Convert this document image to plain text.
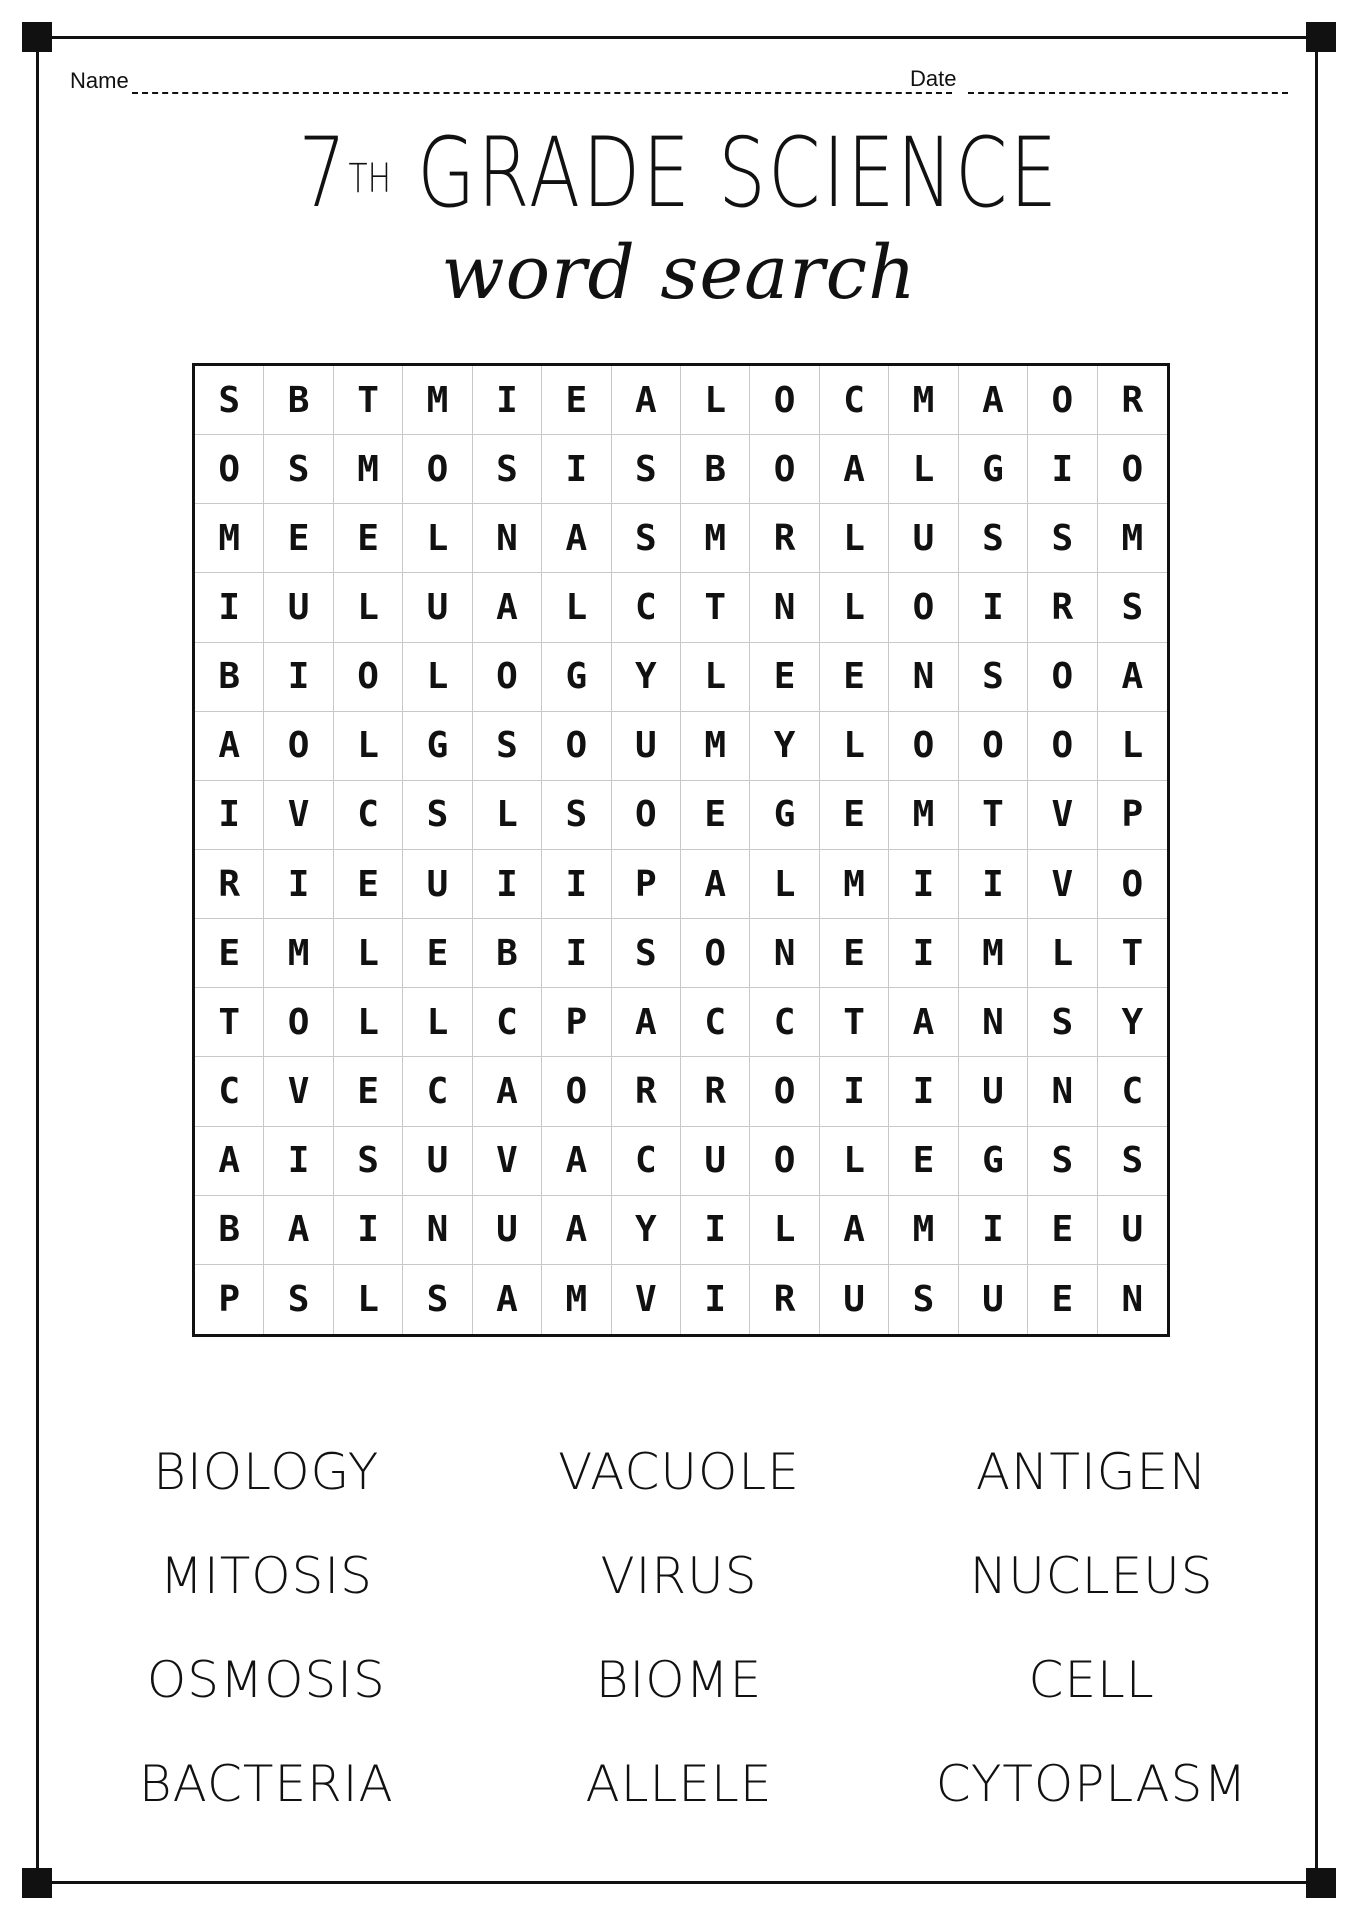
Name	Date
7TH GRADE SCIENCE
word search
S	B	T	M	I	E	A	L	O	C	M	A	O	R
O	S	M	O	S	I	S	B	O	A	L	G	I	O
M	E	E	L	N	A	S	M	R	L	U	S	S	M
I	U	L	U	A	L	C	T	N	L	O	I	R	S
B	I	O	L	O	G	Y	L	E	E	N	S	O	A
A	O	L	G	S	O	U	M	Y	L	O	O	O	L
I	V	C	S	L	S	O	E	G	E	M	T	V	P
R	I	E	U	I	I	P	A	L	M	I	I	V	O
E	M	L	E	B	I	S	O	N	E	I	M	L	T
T	O	L	L	C	P	A	C	C	T	A	N	S	Y
C	V	E	C	A	O	R	R	O	I	I	U	N	C
A	I	S	U	V	A	C	U	O	L	E	G	S	S
B	A	I	N	U	A	Y	I	L	A	M	I	E	U
P	S	L	S	A	M	V	I	R	U	S	U	E	N
BIOLOGY	VACUOLE	ANTIGEN
MITOSIS	VIRUS	NUCLEUS
OSMOSIS	BIOME	CELL
BACTERIA	ALLELE	CYTOPLASM
